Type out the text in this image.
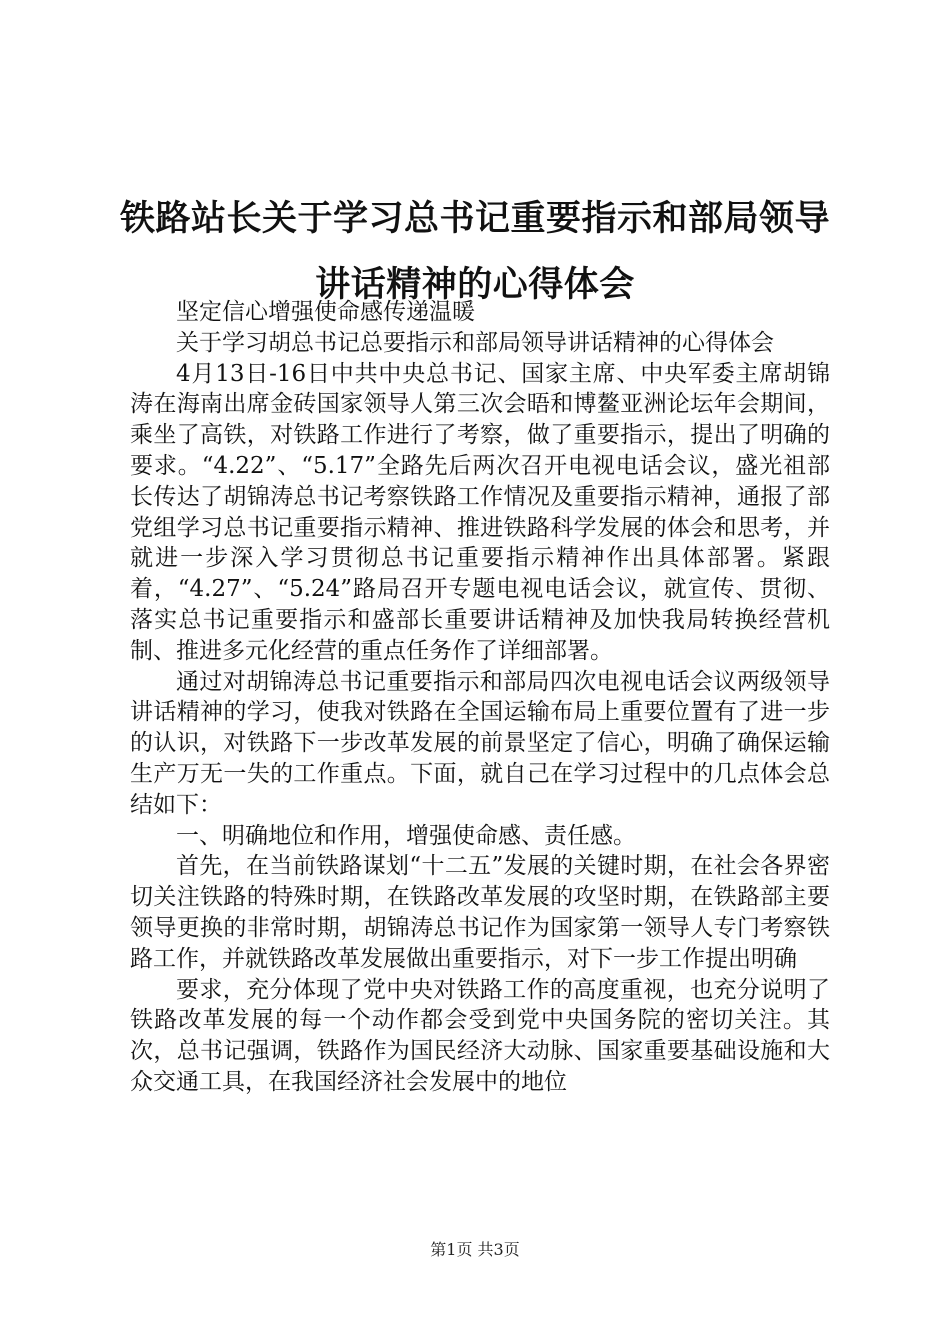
铁路站长关于学习总书记重要指示和部局领导
讲话精神的心得体会

坚定信心增强使命感传递温暖

关于学习胡总书记总要指示和部局领导讲话精神的心得体会

4月13日-16日中共中央总书记、国家主席、中央军委主席胡锦涛在海南出席金砖国家领导人第三次会晤和博鳌亚洲论坛年会期间，乘坐了高铁，对铁路工作进行了考察，做了重要指示，提出了明确的要求。“4.22”、“5.17”全路先后两次召开电视电话会议，盛光祖部长传达了胡锦涛总书记考察铁路工作情况及重要指示精神，通报了部党组学习总书记重要指示精神、推进铁路科学发展的体会和思考，并就进一步深入学习贯彻总书记重要指示精神作出具体部署。紧跟着，“4.27”、“5.24”路局召开专题电视电话会议，就宣传、贯彻、落实总书记重要指示和盛部长重要讲话精神及加快我局转换经营机制、推进多元化经营的重点任务作了详细部署。

通过对胡锦涛总书记重要指示和部局四次电视电话会议两级领导讲话精神的学习，使我对铁路在全国运输布局上重要位置有了进一步的认识，对铁路下一步改革发展的前景坚定了信心，明确了确保运输生产万无一失的工作重点。下面，就自己在学习过程中的几点体会总结如下：

一、明确地位和作用，增强使命感、责任感。

首先，在当前铁路谋划“十二五”发展的关键时期，在社会各界密切关注铁路的特殊时期，在铁路改革发展的攻坚时期，在铁路部主要领导更换的非常时期，胡锦涛总书记作为国家第一领导人专门考察铁路工作，并就铁路改革发展做出重要指示，对下一步工作提出明确

要求，充分体现了党中央对铁路工作的高度重视，也充分说明了铁路改革发展的每一个动作都会受到党中央国务院的密切关注。其次，总书记强调，铁路作为国民经济大动脉、国家重要基础设施和大众交通工具，在我国经济社会发展中的地位

第1页 共3页
